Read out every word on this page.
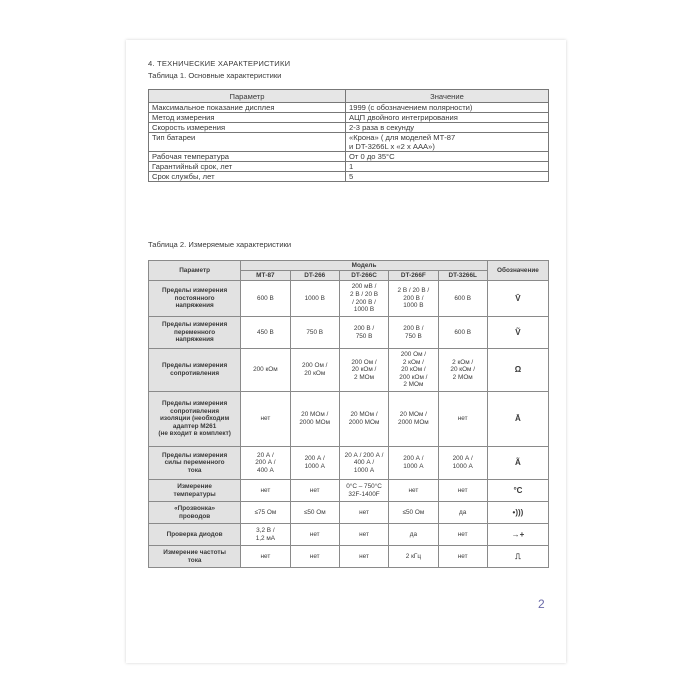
4. ТЕХНИЧЕСКИЕ ХАРАКТЕРИСТИКИ
Таблица 1. Основные характеристики
Параметр	Значение
Максимальное показание дисплея	1999 (с обозначением полярности)
Метод измерения	АЦП двойного интегрирования
Скорость измерения	2-3 раза в секунду
Тип батареи	«Крона» ( для моделей МТ-87
и DT-3266L х «2 х ААА»)
Рабочая температура	От 0 до 35°С
Гарантийный срок, лет	1
Срок службы, лет	5
Таблица 2. Измеряемые характеристики
Параметр	Модель					Обозначение
	МТ-87	DT-266	DT-266C	DT-266F	DT-3266L	
Пределы измерения
постоянного
напряжения	600 В	1000 В	200 мВ /
2 В / 20 В
/ 200 В /
1000 В	2 В / 20 В /
200 В /
1000 В	600 В	V̄
Пределы измерения
переменного
напряжения	450 В	750 В	200 В /
750 В	200 В /
750 В	600 В	Ṽ
Пределы измерения
сопротивления	200 кОм	200 Ом /
20 кОм	200 Ом /
20 кОм /
2 МОм	200 Ом /
2 кОм /
20 кОм /
200 кОм /
2 МОм	2 кОм /
20 кОм /
2 МОм	Ω
Пределы измерения
сопротивления
изоляции (необходим
адаптер M261
(не входит в комплект)	нет	20 МОм /
2000 МОм	20 МОм /
2000 МОм	20 МОм /
2000 МОм	нет	Ā
Пределы измерения
силы переменного
тока	20 А /
200 А /
400 А	200 А /
1000 А	20 А / 200 А /
400 А /
1000 А	200 А /
1000 А	200 А /
1000 А	Ã
Измерение
температуры	нет	нет	0°С – 750°С
32F-1400F	нет	нет	°С
«Прозвонка»
проводов	≤75 Ом	≤50 Ом	нет	≤50 Ом	да	•)))
Проверка диодов	3,2 В /
1,2 мА	нет	нет	да	нет	→+
Измерение частоты
тока	нет	нет	нет	2 кГц	нет	⎍
2
